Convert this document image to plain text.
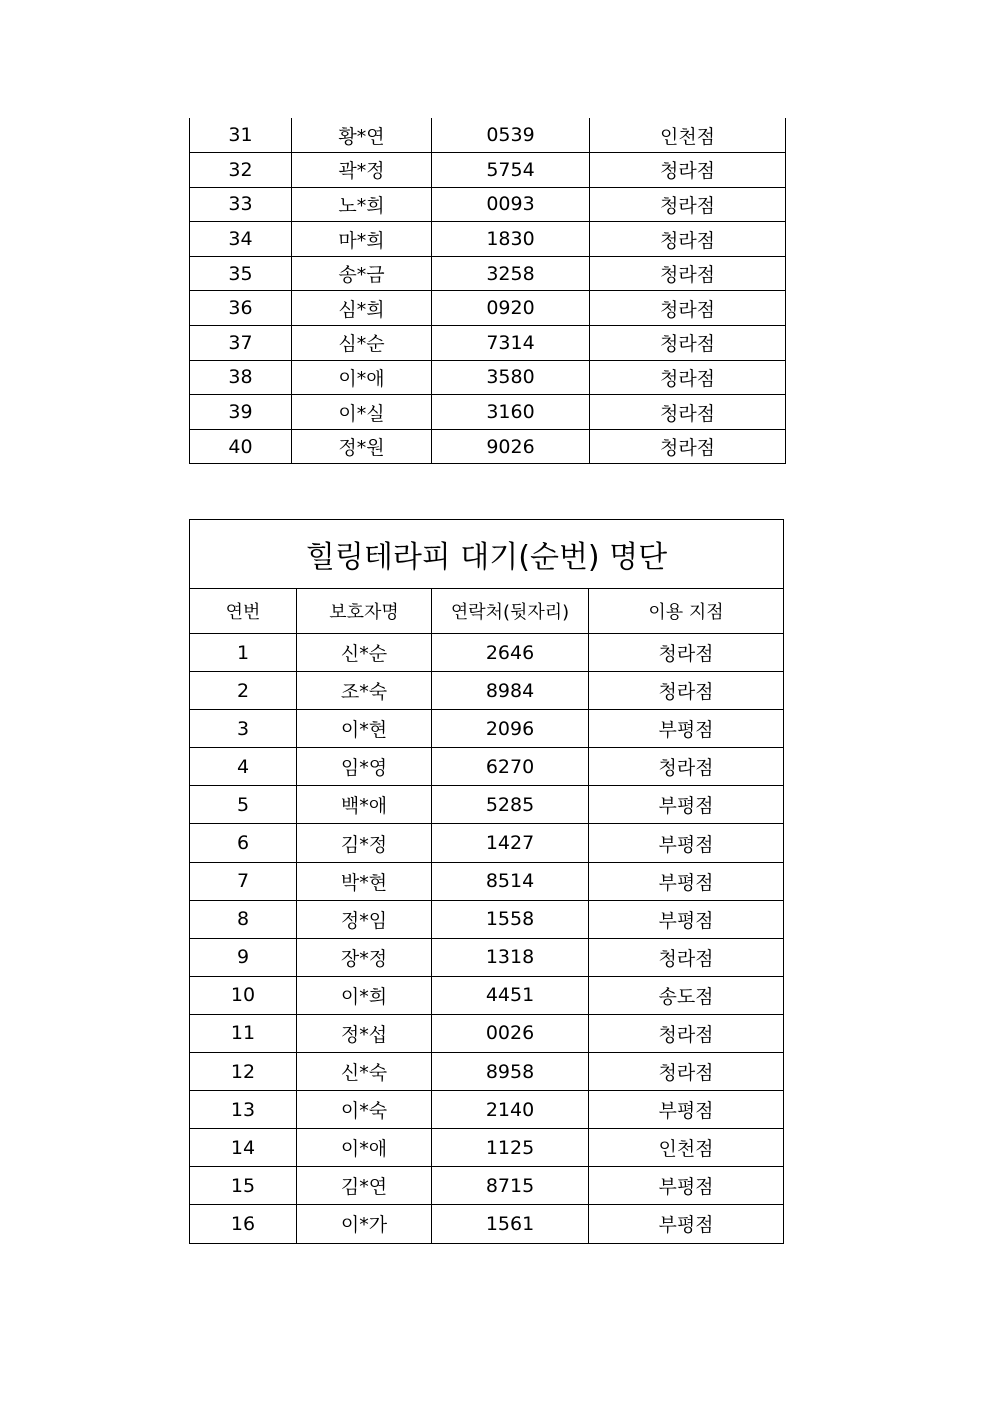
31	황*연	0539	인천점
32	곽*정	5754	청라점
33	노*희	0093	청라점
34	마*희	1830	청라점
35	송*금	3258	청라점
36	심*희	0920	청라점
37	심*순	7314	청라점
38	이*애	3580	청라점
39	이*실	3160	청라점
40	정*원	9026	청라점
힐링테라피 대기(순번) 명단			
연번	보호자명	연락처(뒷자리)	이용 지점
1	신*순	2646	청라점
2	조*숙	8984	청라점
3	이*현	2096	부평점
4	임*영	6270	청라점
5	백*애	5285	부평점
6	김*정	1427	부평점
7	박*현	8514	부평점
8	정*임	1558	부평점
9	장*정	1318	청라점
10	이*희	4451	송도점
11	정*섭	0026	청라점
12	신*숙	8958	청라점
13	이*숙	2140	부평점
14	이*애	1125	인천점
15	김*연	8715	부평점
16	이*가	1561	부평점
